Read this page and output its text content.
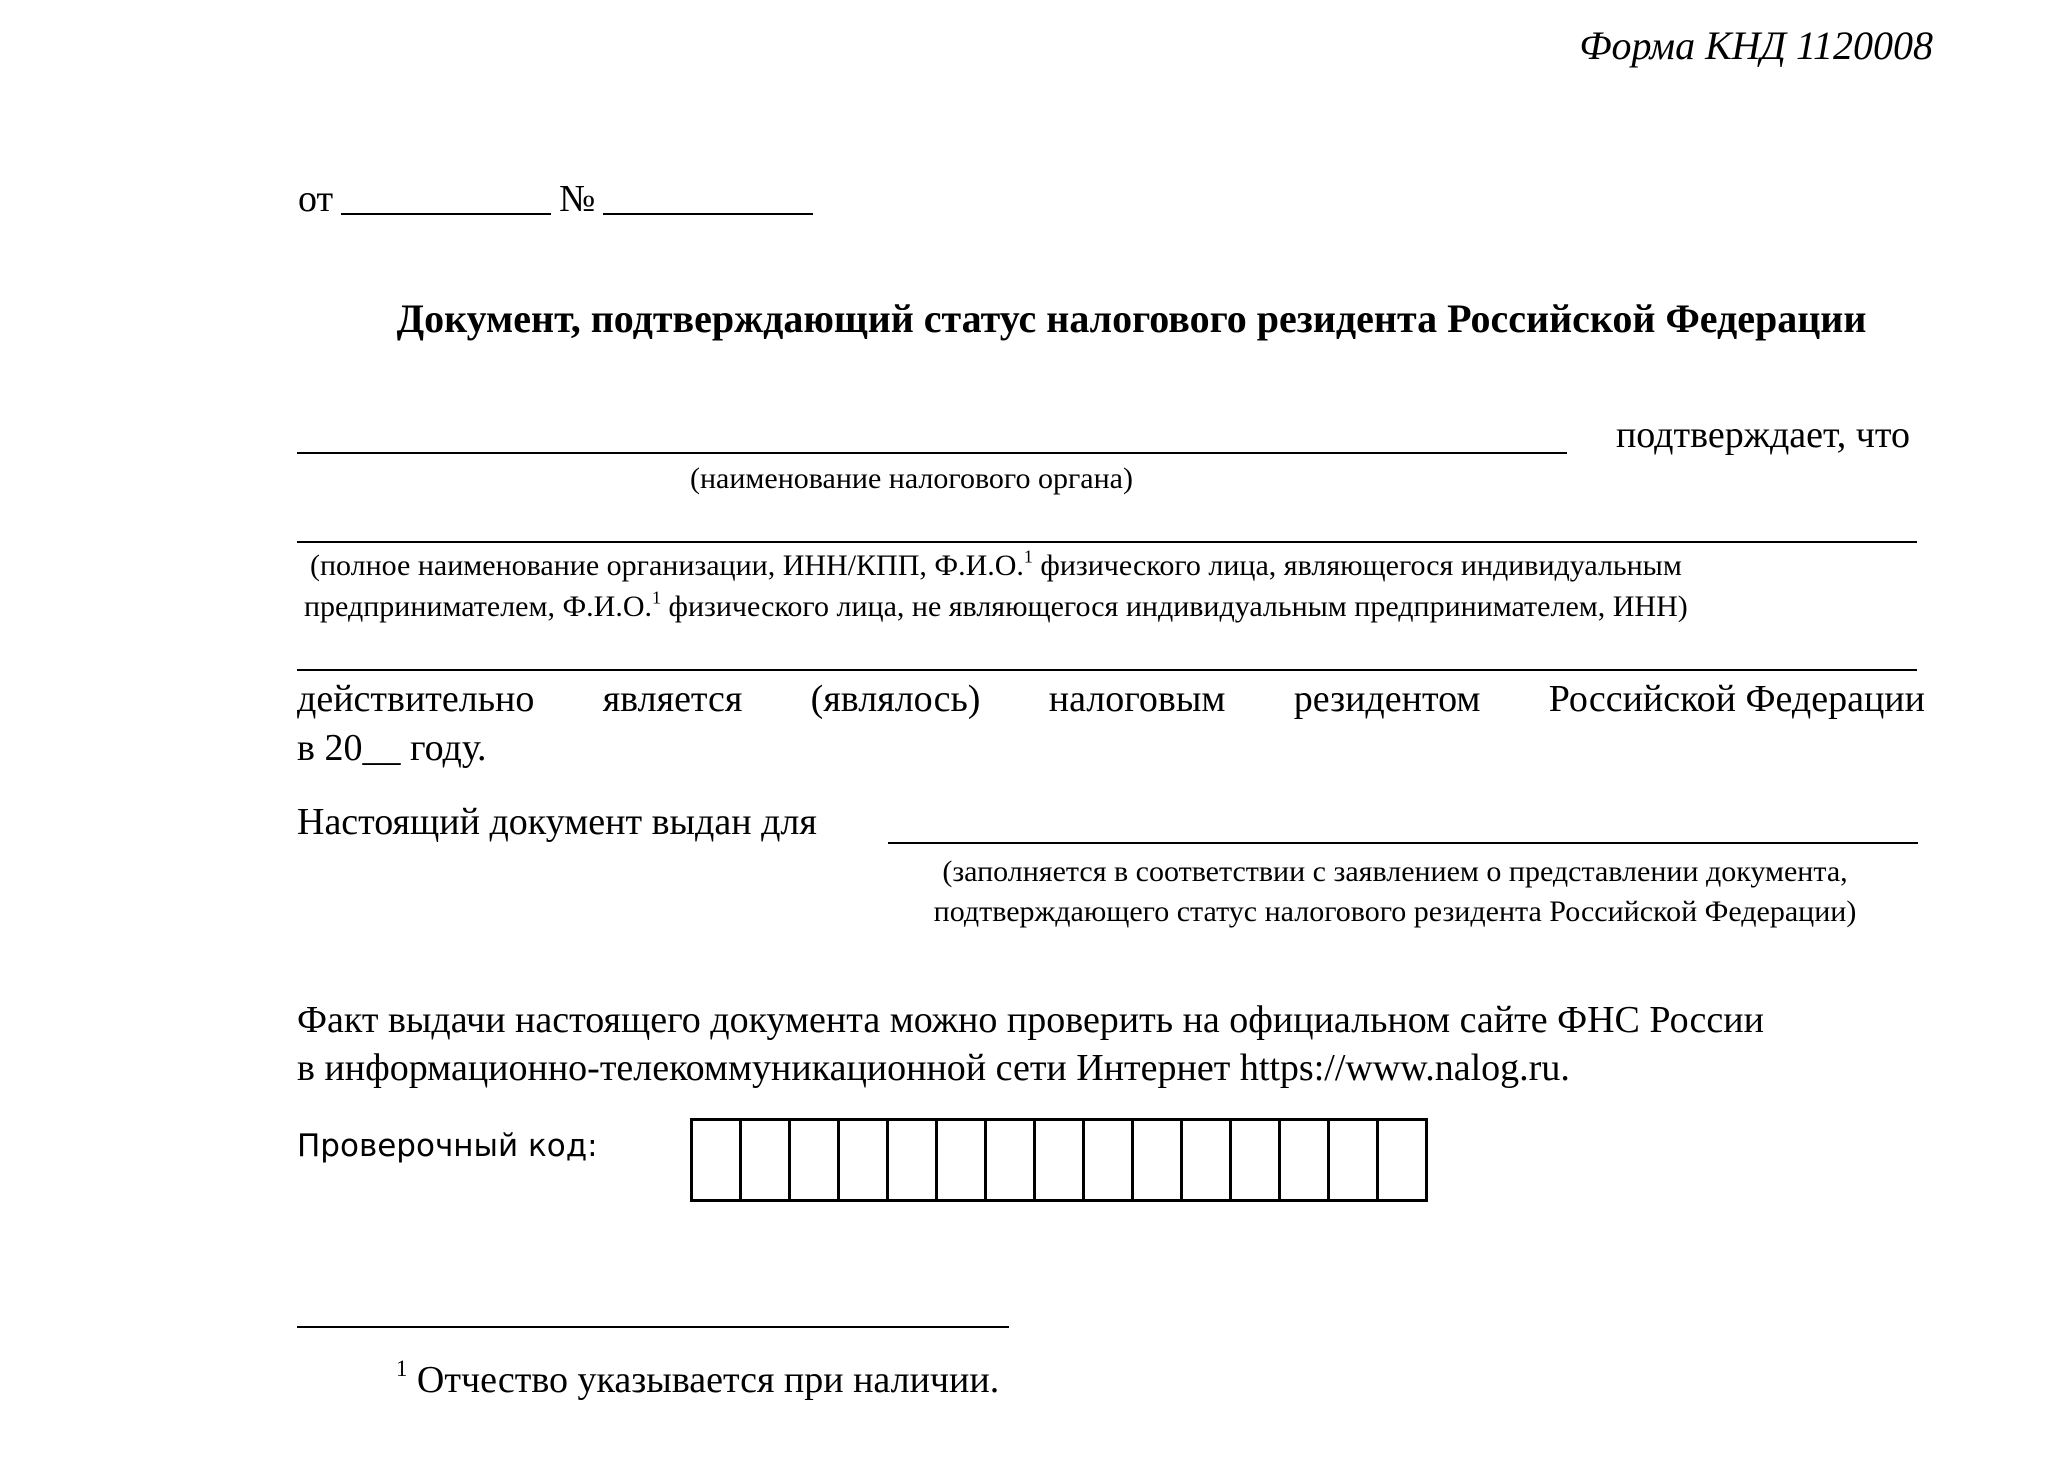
Форма КНД 1120008
от	№
Документ, подтверждающий статус налогового резидента Российской Федерации
подтверждает, что
(наименование налогового органа)
(полное наименование организации, ИНН/КПП, Ф.И.О.$^1$ физического лица, являющегося индивидуальным
предпринимателем, Ф.И.О.$^1$ физического лица, не являющегося индивидуальным предпринимателем, ИНН)
действительно является (являлось) налоговым резидентом Российской Федерации
в 20__ году.
Настоящий документ выдан для
(заполняется в соответствии с заявлением о представлении документа, подтверждающего статус налогового резидента Российской Федерации)
Факт выдачи настоящего документа можно проверить на официальном сайте ФНС России
в информационно-телекоммуникационной сети Интернет https://www.nalog.ru.
Проверочный код:
$^1$ Отчество указывается при наличии.
